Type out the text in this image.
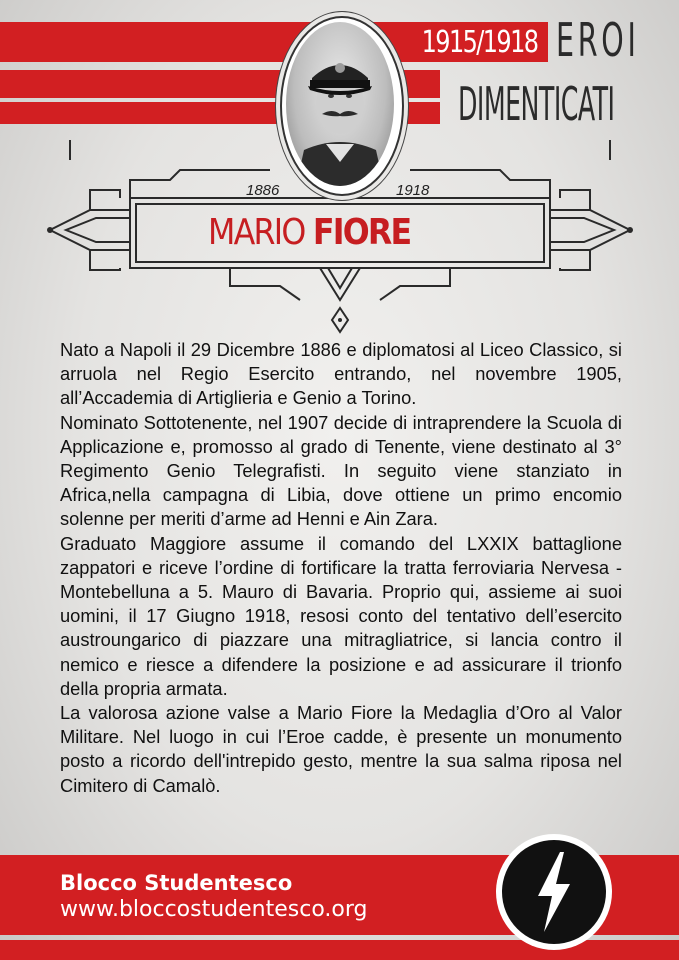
1915/1918 EROI
DIMENTICATI
1886	1918
MARIO FIORE

Nato a Napoli il 29 Dicembre 1886 e diplomatosi al Liceo Classico, si arruola nel Regio Esercito entrando, nel novembre 1905, all’Accademia di Artiglieria e Genio a Torino.

Nominato Sottotenente, nel 1907 decide di intraprendere la Scuola di Applicazione e, promosso al grado di Tenente, viene destinato al 3° Regimento Genio Telegrafisti. In seguito viene stanziato in Africa,nella campagna di Libia, dove ottiene un primo encomio solenne per meriti d’arme ad Henni e Ain Zara.

Graduato Maggiore assume il comando del LXXIX battaglione zappatori e riceve l’ordine di fortificare la tratta ferroviaria Nervesa - Montebelluna a 5. Mauro di Bavaria. Proprio qui, assieme ai suoi uomini, il 17 Giugno 1918, resosi conto del tentativo dell’esercito austroungarico di piazzare una mitragliatrice, si lancia contro il nemico e riesce a difendere la posizione e ad assicurare il trionfo della propria armata.

La valorosa azione valse a Mario Fiore la Medaglia d’Oro al Valor Militare. Nel luogo in cui l’Eroe cadde, è presente un monumento posto a ricordo dell'intrepido gesto, mentre la sua salma riposa nel Cimitero di Camalò.

Blocco Studentesco
www.bloccostudentesco.org
